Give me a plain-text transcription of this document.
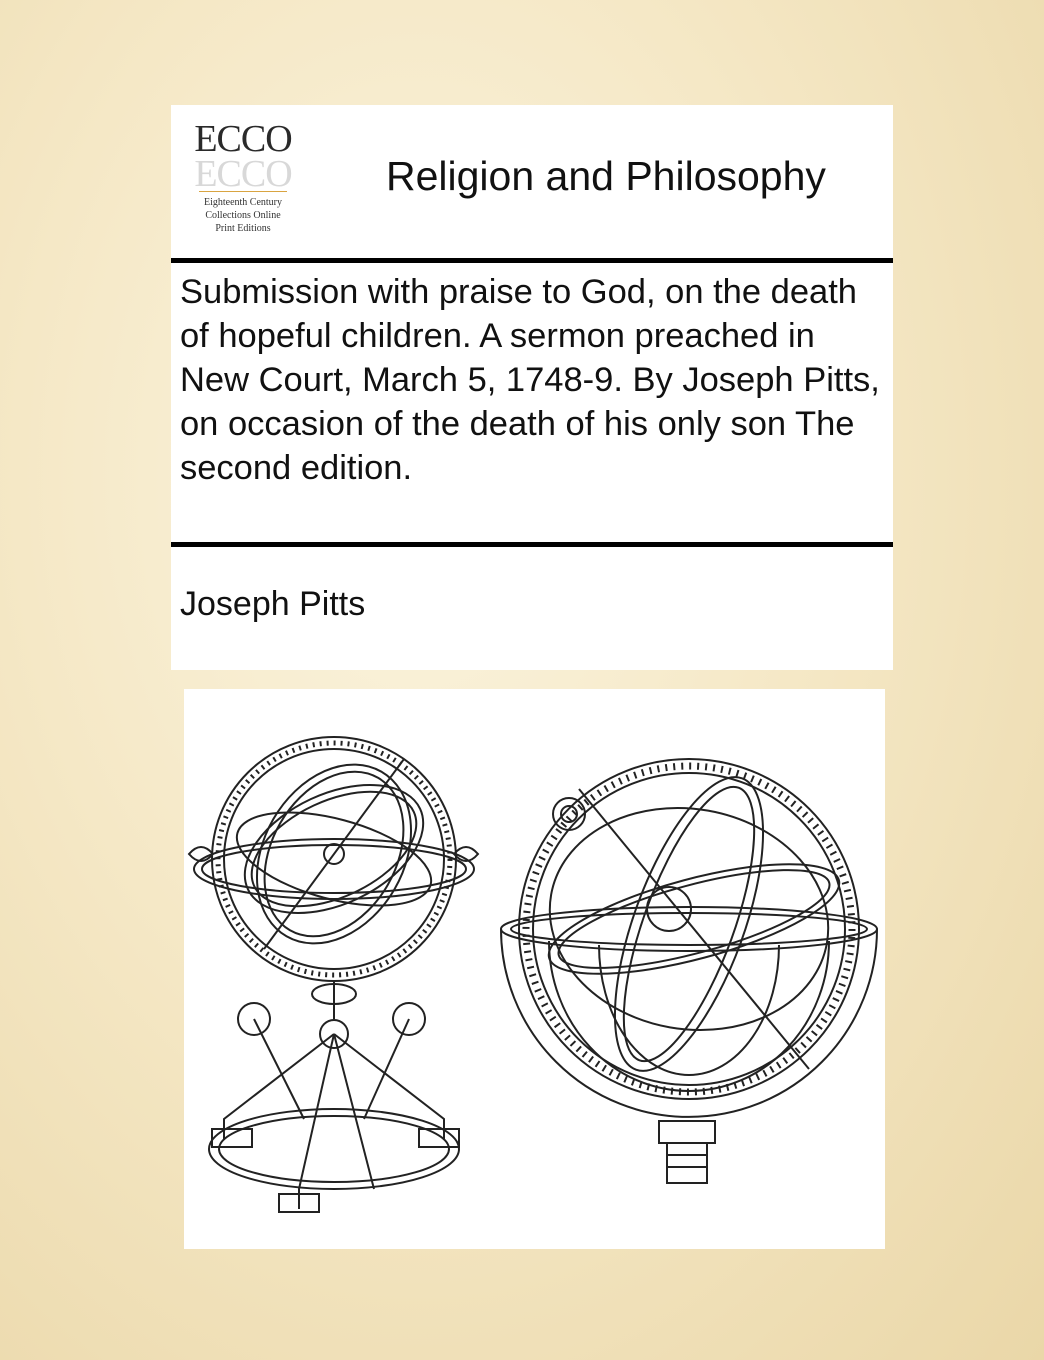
ECCO
ECCO
Eighteenth Century
Collections Online
Print Editions
Religion and Philosophy
Submission with praise to God, on the death of hopeful children. A sermon preached in New Court, March 5, 1748-9. By Joseph Pitts, on occasion of the death of his only son The second edition.
Joseph Pitts
